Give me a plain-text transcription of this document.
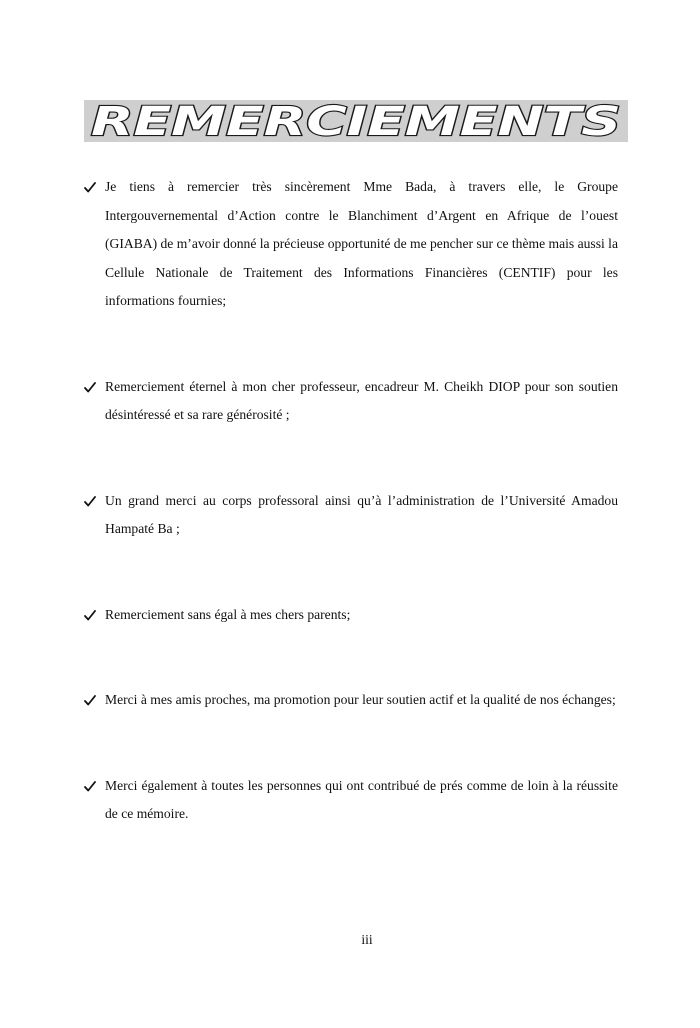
REMERCIEMENTS
Je tiens à remercier très sincèrement Mme Bada, à travers elle, le Groupe Intergouvernemental d’Action contre le Blanchiment d’Argent en Afrique de l’ouest (GIABA) de m’avoir donné la précieuse opportunité de me pencher sur ce thème mais aussi la Cellule Nationale de Traitement des Informations Financières (CENTIF) pour les informations fournies;
Remerciement éternel à mon cher professeur, encadreur M. Cheikh DIOP pour son soutien désintéressé et sa rare générosité ;
Un grand merci au corps professoral ainsi qu’à l’administration de l’Université Amadou Hampaté Ba ;
Remerciement sans égal à mes chers parents;
Merci à mes amis proches, ma promotion pour leur soutien actif et la qualité de nos échanges;
Merci également à toutes les personnes qui ont contribué de prés comme de loin à la réussite de ce mémoire.
iii
